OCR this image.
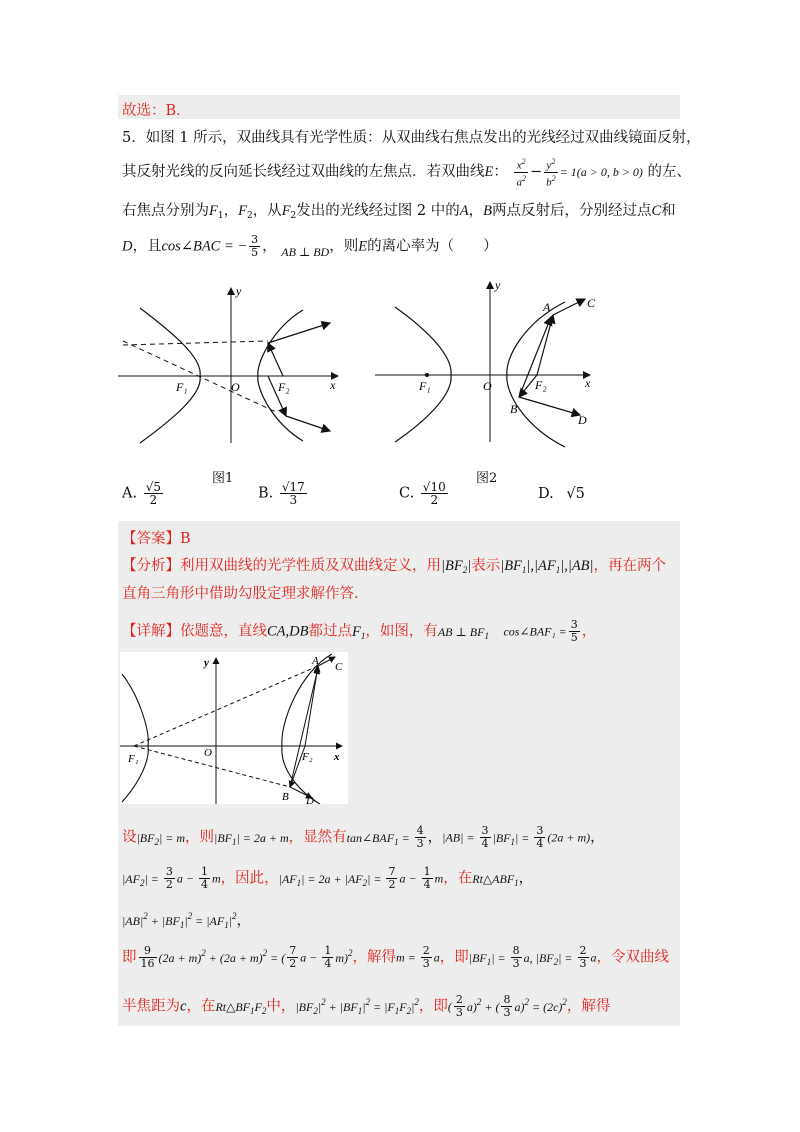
故选：B．
5．如图 1 所示，双曲线具有光学性质：从双曲线右焦点发出的光线经过双曲线镜面反射，
其反射光线的反向延长线经过双曲线的左焦点．若双曲线E： $\frac{x^2}{a^2} - \frac{y^2}{b^2} = 1(a > 0$, b > 0) 的左、
右焦点分别为$F_1$，$F_2$，从$F_2$发出的光线经过图 2 中的A，B两点反射后，分别经过点C和
D，且cos∠BAC = − $\frac{3}{5}$ ， $_{AB \perp BD}$，则E的离心率为（　　）
y
x
O
F₁	F₂
图1
y
x
O
F₁	F₂
A	C
B
D
图2
A. $\frac{√5}{2}$	B. $\frac{√17}{3}$	C. $\frac{√10}{2}$	D. √5
【答案】B
【分析】利用双曲线的光学性质及双曲线定义，用$|BF_2|$表示$|BF_1|,|AF_1|,|AB|$，再在两个
直角三角形中借助勾股定理求解作答.
【详解】依题意，直线CA,DB都过点$F_1$，如图，有AB ⊥ $BF_1$　 cos∠BAF₁ = $\frac{3}{5}$ ，
y
x
O
F₁	F₂
A C
B D
设$|BF_2| = m$，则$|BF_1| = 2a + m$，显然有$\tan\angle BAF_1 = \frac{4}{3}$ ，$|AB| = \frac{3}{4} |BF_1| = \frac{3}{4} (2a + m)$，
$|AF_2| = \frac{3}{2}$ $a - \frac{1}{4}$ m，因此，$|AF_1| = 2a + |AF_2| = \frac{7}{2}$ $a - \frac{1}{4}$ m，在$Rt\triangle ABF_1$，
$|AB|^2 + |BF_1|^2 = |AF_1|^2$，
即 $\frac{9}{16} (2a + m)^2 + (2a + m)^2$ = ( $\frac{7}{2}$ $a - \frac{1}{4} m)^2$，解得$m = \frac{2}{3}$ a，即$|BF_1| = \frac{8}{3} a$, $|BF_2| = \frac{2}{3}$ a，令双曲线
半焦距为c，在$Rt\triangle BF_1F_2$中，$|BF_2|^2 + |BF_1|^2 = |F_1F_2|^2$，即( $\frac{2}{3} a)^2$ + ( $\frac{8}{3} a)^2 = (2c)^2$，解得
